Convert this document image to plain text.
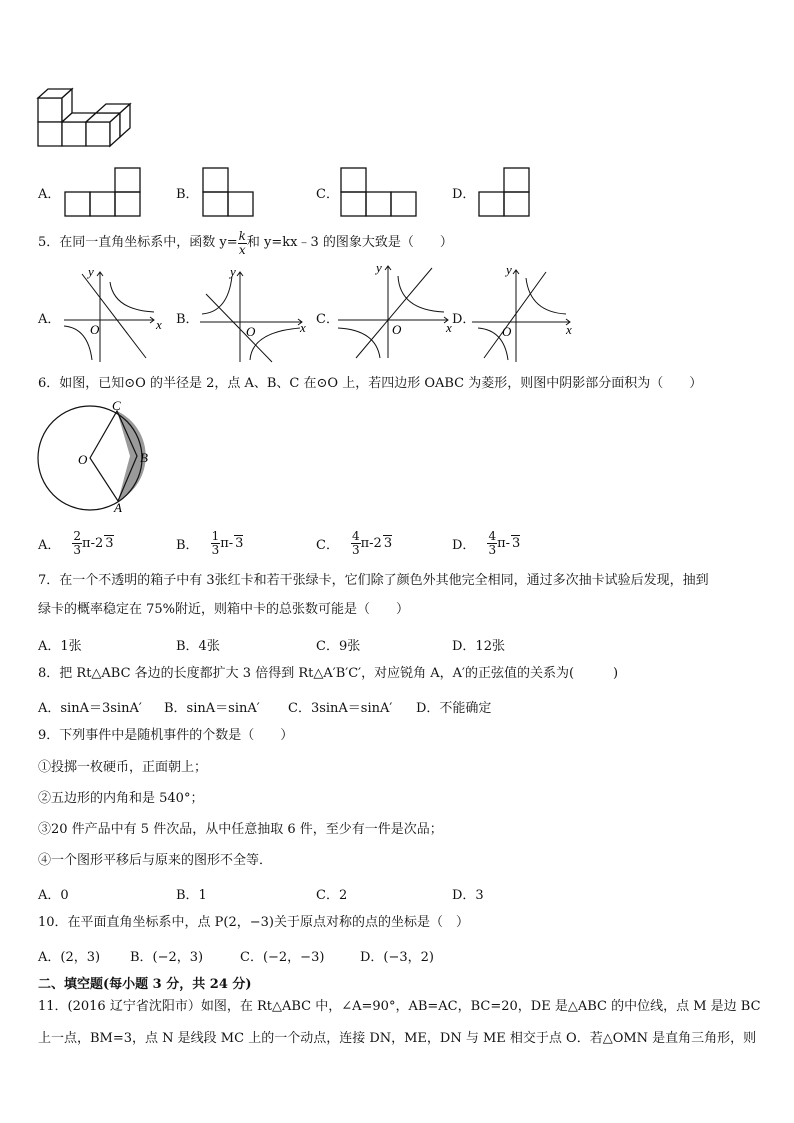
A．	B．	C．	D．
5．在同一直角坐标系中，函数 $y= \frac{k}{x}$ 和 y=kx﹣3 的图象大致是（　　）
A．
y
x
O
B．
y
x
O
C．
y
x
O
D．
y
x
O
6．如图，已知⊙O 的半径是 2，点 A、B、C 在⊙O 上，若四边形 OABC 为菱形，则图中阴影部分面积为（　　）
O
C
B
A
A． $\frac{2}{3} \pi-2$ 3	B． $\frac{1}{3} \pi-$ 3	C． $\frac{4}{3} \pi-2$ 3	D． $\frac{4}{3} \pi-$ 3
7．在一个不透明的箱子中有 3张红卡和若干张绿卡，它们除了颜色外其他完全相同，通过多次抽卡试验后发现，抽到
绿卡的概率稳定在 75%附近，则箱中卡的总张数可能是（　　）
A．1张	B．4张	C．9张	D．12张
8．把 Rt△ABC 各边的长度都扩大 3 倍得到 Rt△A′B′C′，对应锐角 A，A′的正弦值的关系为(　　　)
A．sinA＝3sinA′ B．sinA＝sinA′ C．3sinA＝sinA′ D．不能确定
9．下列事件中是随机事件的个数是（　　）
①投掷一枚硬币，正面朝上；
②五边形的内角和是 540°；
③20 件产品中有 5 件次品，从中任意抽取 6 件，至少有一件是次品；
④一个图形平移后与原来的图形不全等．
A．0	B．1	C．2	D．3
10．在平面直角坐标系中，点 P(2，−3)关于原点对称的点的坐标是（　）
A．(2，3) B．(−2，3)	C．(−2，−3)	D．(−3，2)
二、填空题(每小题 3 分，共 24 分)
11．(2016 辽宁省沈阳市）如图，在 Rt△ABC 中，∠A=90°，AB=AC，BC=20，DE 是△ABC 的中位线，点 M 是边 BC
上一点，BM=3，点 N 是线段 MC 上的一个动点，连接 DN，ME，DN 与 ME 相交于点 O．若△OMN 是直角三角形，则
